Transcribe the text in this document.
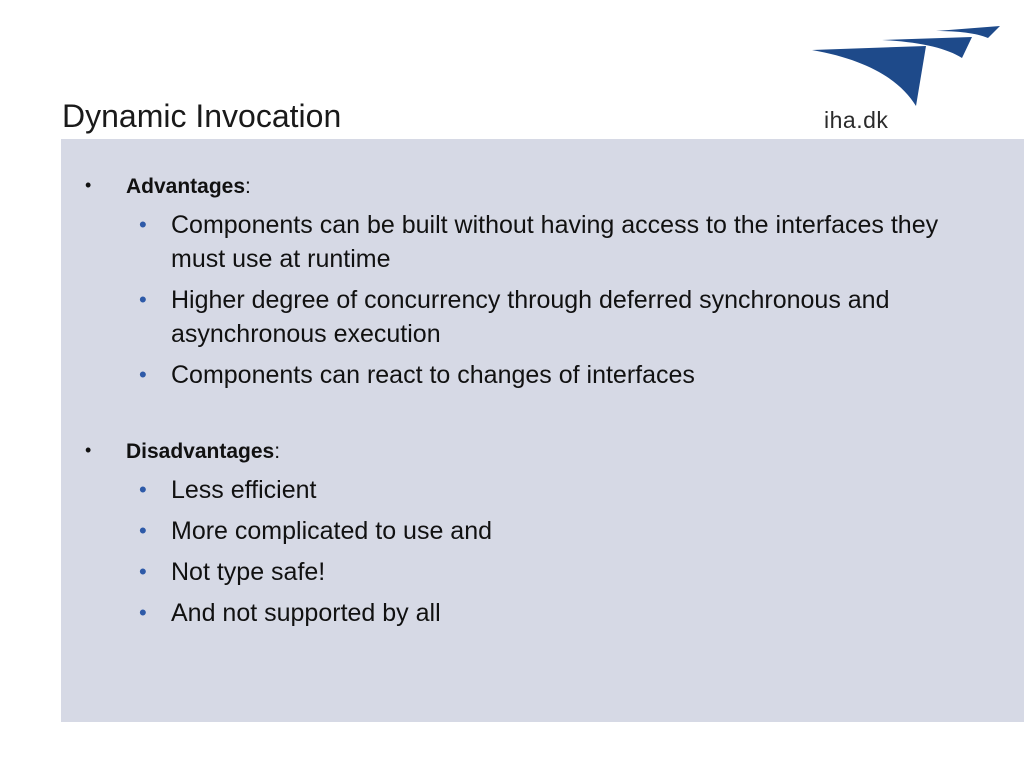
Dynamic Invocation	iha.dk
• Advantages:
• Components can be built without having access to the interfaces they must use at runtime
• Higher degree of concurrency through deferred synchronous and asynchronous execution
• Components can react to changes of interfaces
• Disadvantages:
• Less efficient
• More complicated to use and
• Not type safe!
• And not supported by all
